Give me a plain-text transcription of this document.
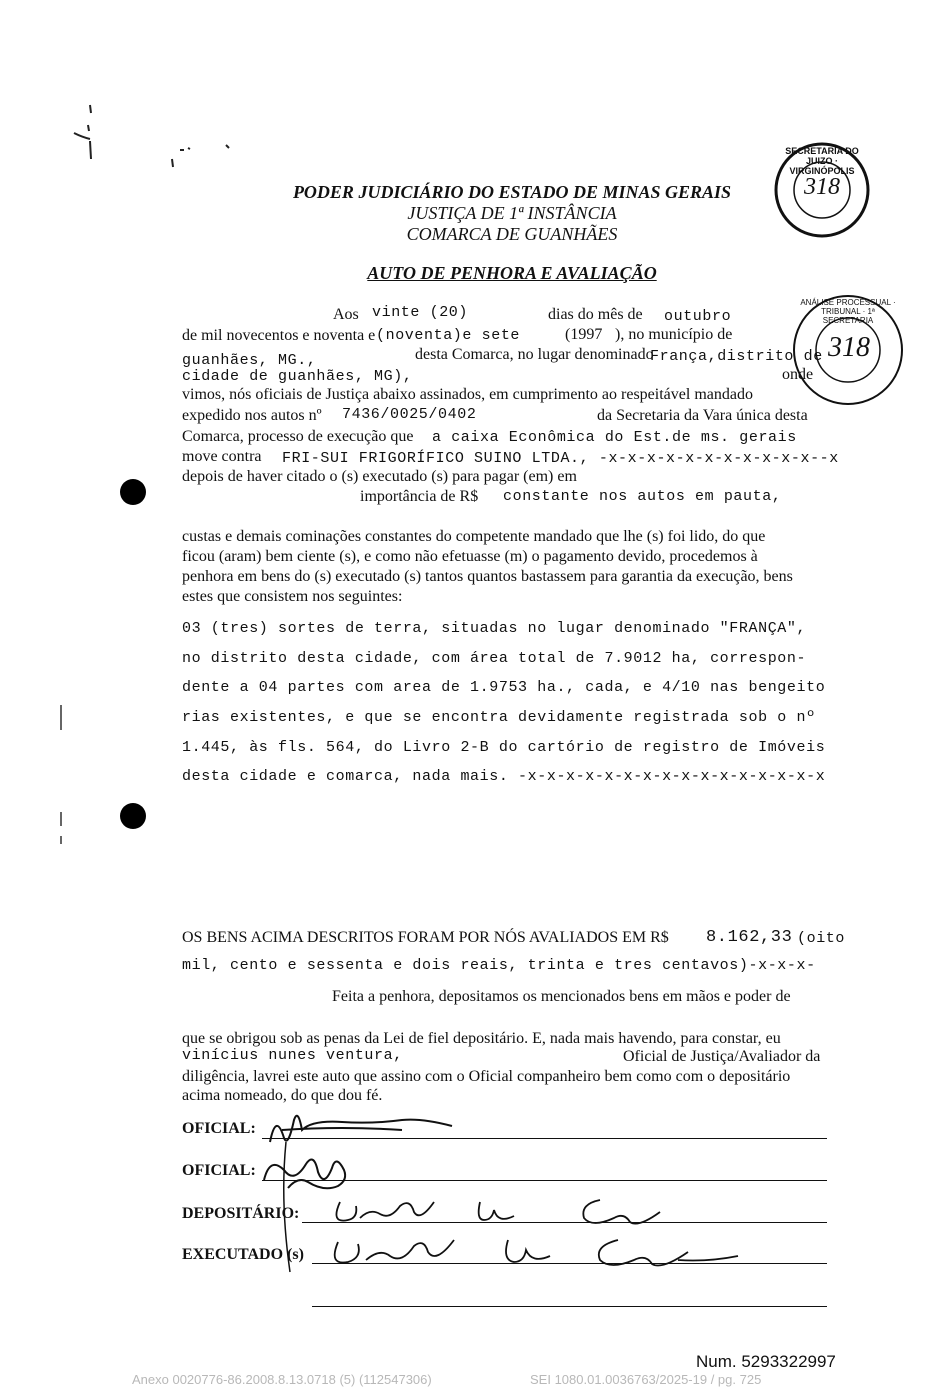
PODER JUDICIÁRIO DO ESTADO DE MINAS GERAIS
JUSTIÇA DE 1ª INSTÂNCIA
COMARCA DE GUANHÃES
AUTO DE PENHORA E AVALIAÇÃO
SECRETARIA DO JUIZO · VIRGINÓPOLIS
318
ANÁLISE PROCESSUAL · TRIBUNAL · 1ª SECRETARIA
318
Aos vinte (20)	dias do mês de outubro
de mil novecentos e noventa e (noventa)e sete	(1997 ), no município de
guanhães, MG.,	desta Comarca, no lugar denominado
França,distrito de
cidade de guanhães, MG),	onde
vimos, nós oficiais de Justiça abaixo assinados, em cumprimento ao respeitável mandado
expedido nos autos nº 7436/0025/0402	da Secretaria da Vara única desta
Comarca, processo de execução que a caixa Econômica do Est.de ms. gerais
move contra FRI-SUI FRIGORÍFICO SUINO LTDA., -x-x-x-x-x-x-x-x-x-x-x--x
depois de haver citado o (s) executado (s) para pagar (em) em
importância de R$ constante nos autos em pauta,
custas e demais cominações constantes do competente mandado que lhe (s) foi lido, do que
ficou (aram) bem ciente (s), e como não efetuasse (m) o pagamento devido, procedemos à
penhora em bens do (s) executado (s) tantos quantos bastassem para garantia da execução, bens
estes que consistem nos seguintes:
03 (tres) sortes de terra, situadas no lugar denominado "FRANÇA",
no distrito desta cidade, com área total de 7.9012 ha, correspon-
dente a 04 partes com area de 1.9753 ha., cada, e 4/10 nas bengeito
rias existentes, e que se encontra devidamente registrada sob o nº
1.445, às fls. 564, do Livro 2-B do cartório de registro de Imóveis
desta cidade e comarca, nada mais. -x-x-x-x-x-x-x-x-x-x-x-x-x-x-x-x
OS BENS ACIMA DESCRITOS FORAM POR NÓS AVALIADOS EM R$ 8.162,33 (oito
mil, cento e sessenta e dois reais, trinta e tres centavos)-x-x-x-
Feita a penhora, depositamos os mencionados bens em mãos e poder de
que se obrigou sob as penas da Lei de fiel depositário. E, nada mais havendo, para constar, eu
vinícius nunes ventura,	Oficial de Justiça/Avaliador da
diligência, lavrei este auto que assino com o Oficial companheiro bem como com o depositário
acima nomeado, do que dou fé.
OFICIAL:
OFICIAL:
DEPOSITÁRIO:
EXECUTADO (s)
Num. 5293322997
Anexo 0020776-86.2008.8.13.0718 (5) (112547306)	SEI 1080.01.0036763/2025-19 / pg. 725
